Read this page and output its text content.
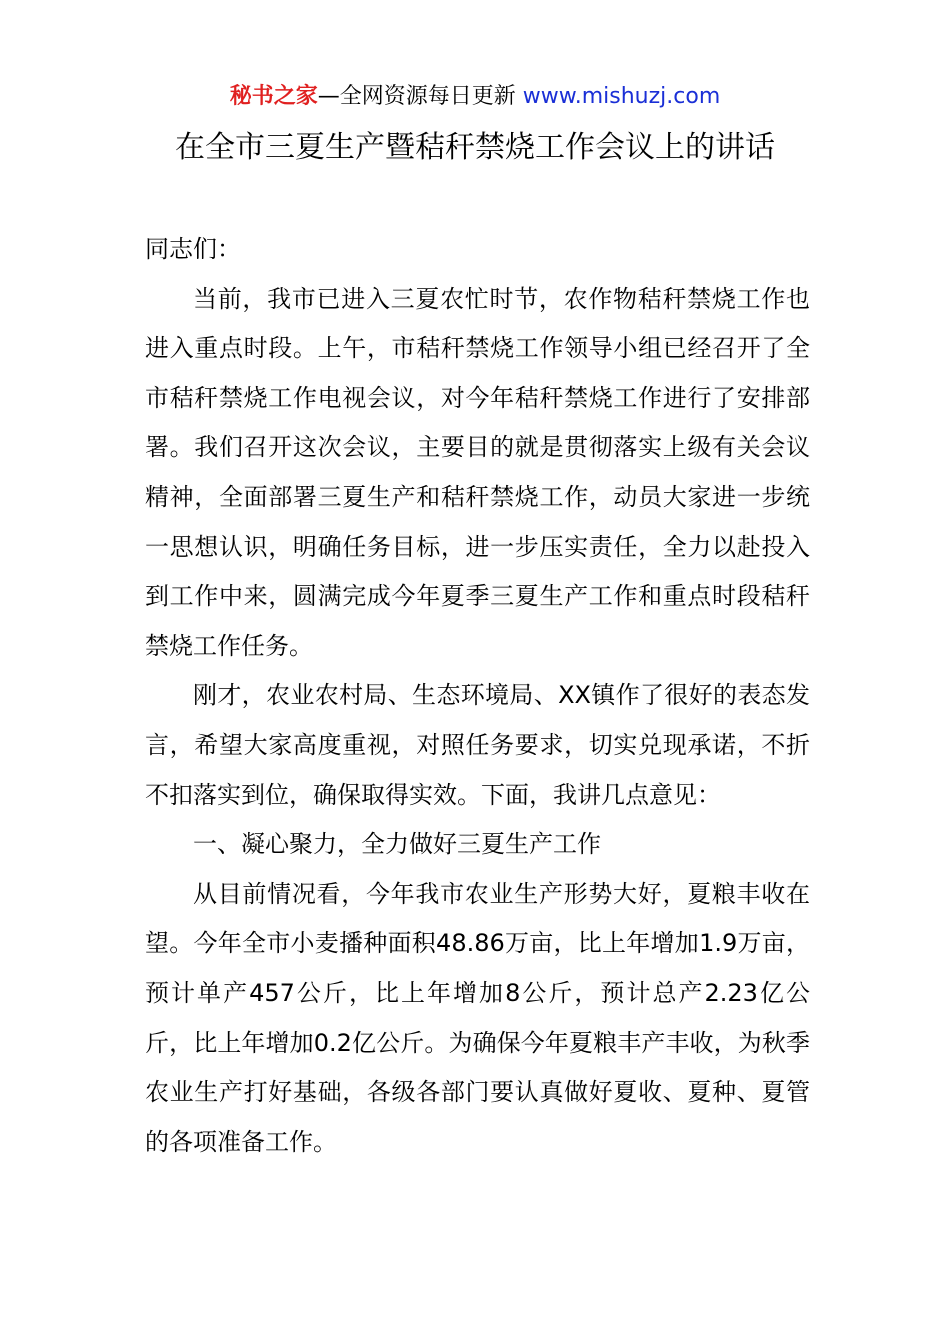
秘书之家—全网资源每日更新 www.mishuzj.com
在全市三夏生产暨秸秆禁烧工作会议上的讲话

同志们：

当前，我市已进入三夏农忙时节，农作物秸秆禁烧工作也进入重点时段。上午，市秸秆禁烧工作领导小组已经召开了全市秸秆禁烧工作电视会议，对今年秸秆禁烧工作进行了安排部署。我们召开这次会议，主要目的就是贯彻落实上级有关会议精神，全面部署三夏生产和秸秆禁烧工作，动员大家进一步统一思想认识，明确任务目标，进一步压实责任，全力以赴投入到工作中来，圆满完成今年夏季三夏生产工作和重点时段秸秆禁烧工作任务。

刚才，农业农村局、生态环境局、XX镇作了很好的表态发言，希望大家高度重视，对照任务要求，切实兑现承诺，不折不扣落实到位，确保取得实效。下面，我讲几点意见：

一、凝心聚力，全力做好三夏生产工作

从目前情况看，今年我市农业生产形势大好，夏粮丰收在望。今年全市小麦播种面积48.86万亩，比上年增加1.9万亩，预计单产457公斤，比上年增加8公斤，预计总产2.23亿公斤，比上年增加0.2亿公斤。为确保今年夏粮丰产丰收，为秋季农业生产打好基础，各级各部门要认真做好夏收、夏种、夏管的各项准备工作。
